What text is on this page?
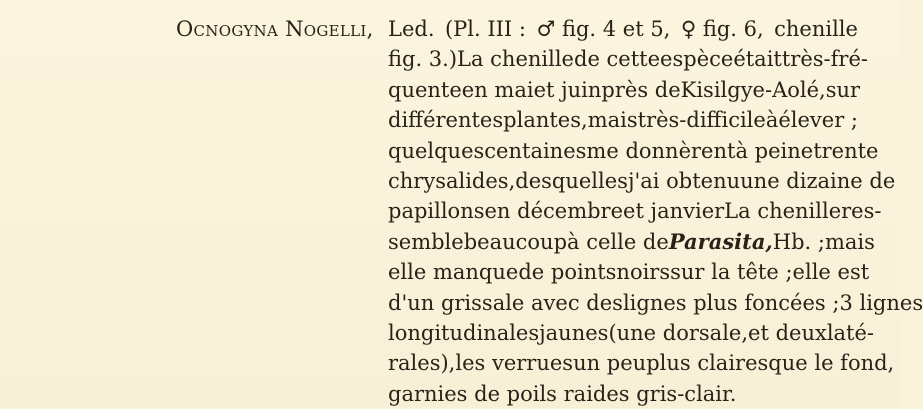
Ocnogyna Nogelli, Led. (Pl. III : ♂ fig. 4 et 5, ♀ fig. 6, chenille
fig. 3.) La chenille de cette espèce était très-fré-
quente en mai et juin près de Kisilgye-Aolé, sur
différentes plantes, mais très-difficile à élever ;
quelques centaines me donnèrent à peine trente
chrysalides, desquelles j'ai obtenu une dizaine de
papillons en décembre et janvier La chenille res-
semble beaucoup à celle de Parasita, Hb. ; mais
elle manque de points noirs sur la tête ; elle est
d'un gris sale avec des lignes plus foncées ; 3 lignes
longitudinales jaunes (une dorsale, et deux laté-
rales), les verrues un peu plus claires que le fond,
garnies de poils raides gris-clair.
